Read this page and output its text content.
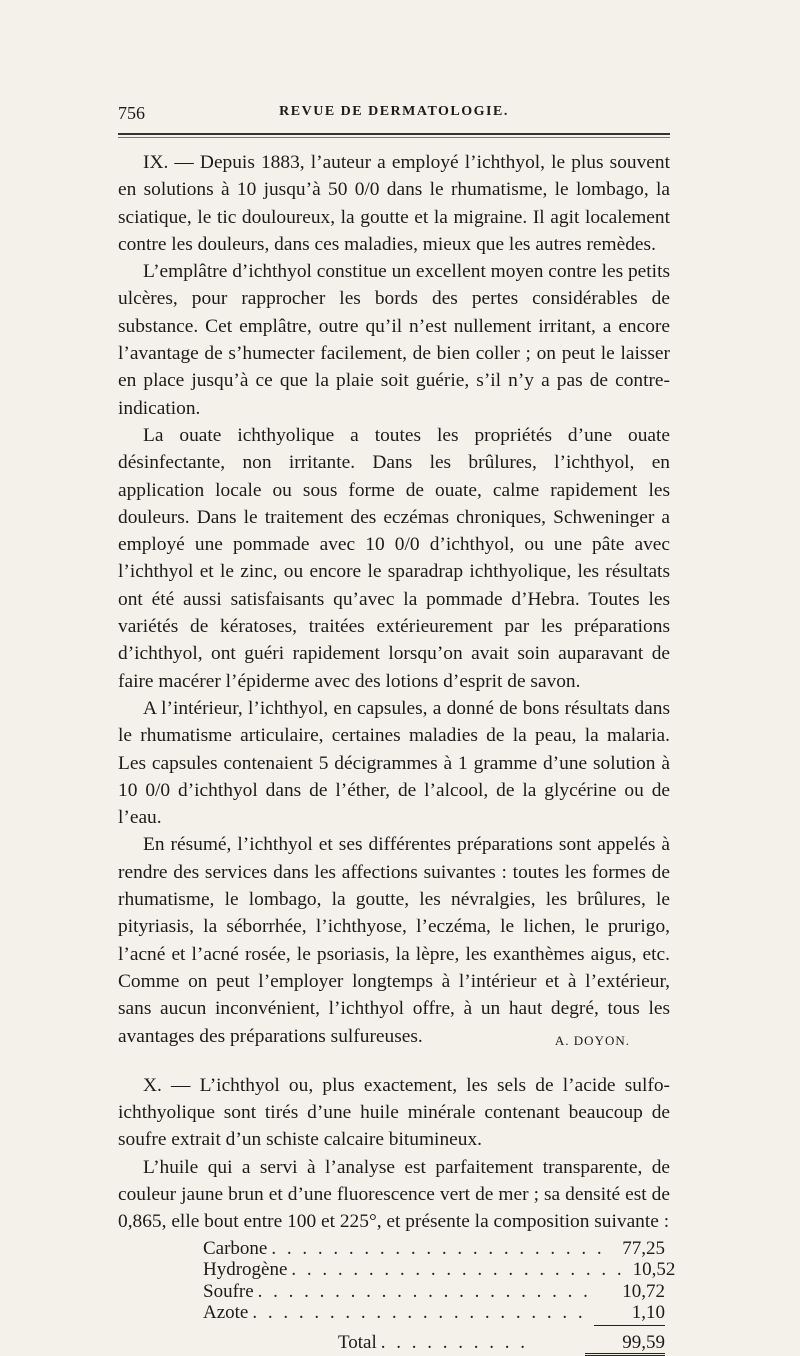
756	REVUE DE DERMATOLOGIE.

IX. — Depuis 1883, l’auteur a employé l’ichthyol, le plus souvent en solutions à 10 jusqu’à 50 0/0 dans le rhumatisme, le lombago, la sciatique, le tic douloureux, la goutte et la migraine. Il agit localement contre les douleurs, dans ces maladies, mieux que les autres remèdes.

L’emplâtre d’ichthyol constitue un excellent moyen contre les petits ulcères, pour rapprocher les bords des pertes considérables de substance. Cet emplâtre, outre qu’il n’est nullement irritant, a encore l’avantage de s’humecter facilement, de bien coller ; on peut le laisser en place jusqu’à ce que la plaie soit guérie, s’il n’y a pas de contre-indication.

La ouate ichthyolique a toutes les propriétés d’une ouate désinfectante, non irritante. Dans les brûlures, l’ichthyol, en application locale ou sous forme de ouate, calme rapidement les douleurs. Dans le traitement des eczémas chroniques, Schweninger a employé une pommade avec 10 0/0 d’ichthyol, ou une pâte avec l’ichthyol et le zinc, ou encore le sparadrap ichthyolique, les résultats ont été aussi satisfaisants qu’avec la pommade d’Hebra. Toutes les variétés de kératoses, traitées extérieurement par les préparations d’ichthyol, ont guéri rapidement lorsqu’on avait soin auparavant de faire macérer l’épiderme avec des lotions d’esprit de savon.

A l’intérieur, l’ichthyol, en capsules, a donné de bons résultats dans le rhumatisme articulaire, certaines maladies de la peau, la malaria. Les capsules contenaient 5 décigrammes à 1 gramme d’une solution à 10 0/0 d’ichthyol dans de l’éther, de l’alcool, de la glycérine ou de l’eau.

En résumé, l’ichthyol et ses différentes préparations sont appelés à rendre des services dans les affections suivantes : toutes les formes de rhumatisme, le lombago, la goutte, les névralgies, les brûlures, le pityriasis, la séborrhée, l’ichthyose, l’eczéma, le lichen, le prurigo, l’acné et l’acné rosée, le psoriasis, la lèpre, les exanthèmes aigus, etc. Comme on peut l’employer longtemps à l’intérieur et à l’extérieur, sans aucun inconvénient, l’ichthyol offre, à un haut degré, tous les avantages des préparations sulfureuses.	A. DOYON.

X. — L’ichthyol ou, plus exactement, les sels de l’acide sulfo-ichthyolique sont tirés d’une huile minérale contenant beaucoup de soufre extrait d’un schiste calcaire bitumineux.

L’huile qui a servi à l’analyse est parfaitement transparente, de couleur jaune brun et d’une fluorescence vert de mer ; sa densité est de 0,865, elle bout entre 100 et 225°, et présente la composition suivante :

Carbone . . . . . . . . . . . . . . . . . . . . . . 77,25
Hydrogène . . . . . . . . . . . . . . . . . . . . . . 10,52
Soufre . . . . . . . . . . . . . . . . . . . . . .	10,72
Azote . . . . . . . . . . . . . . . . . . . . . .	1,10
Total . . . . . . . . . .	99,59
